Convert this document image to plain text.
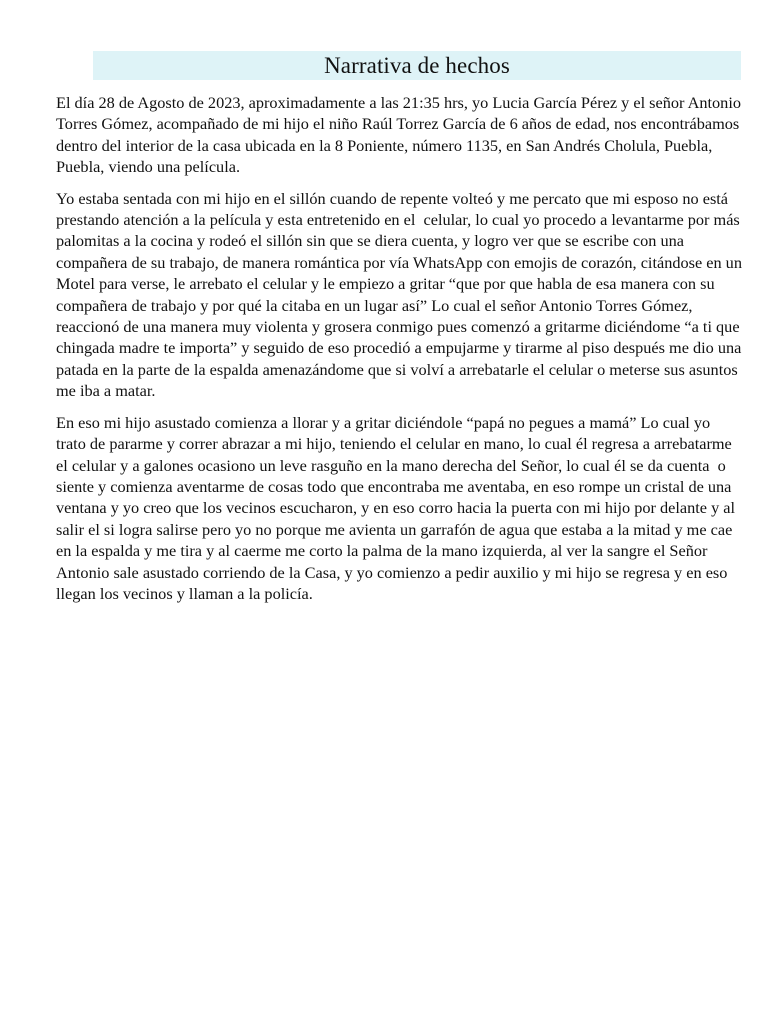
Narrativa de hechos

El día 28 de Agosto de 2023, aproximadamente a las 21:35 hrs, yo Lucia García Pérez y el señor Antonio Torres Gómez, acompañado de mi hijo el niño Raúl Torrez García de 6 años de edad, nos encontrábamos dentro del interior de la casa ubicada en la 8 Poniente, número 1135, en San Andrés Cholula, Puebla, Puebla, viendo una película.

Yo estaba sentada con mi hijo en el sillón cuando de repente volteó y me percato que mi esposo no está prestando atención a la película y esta entretenido en el  celular, lo cual yo procedo a levantarme por más palomitas a la cocina y rodeó el sillón sin que se diera cuenta, y logro ver que se escribe con una compañera de su trabajo, de manera romántica por vía WhatsApp con emojis de corazón, citándose en un Motel para verse, le arrebato el celular y le empiezo a gritar “que por que habla de esa manera con su compañera de trabajo y por qué la citaba en un lugar así” Lo cual el señor Antonio Torres Gómez, reaccionó de una manera muy violenta y grosera conmigo pues comenzó a gritarme diciéndome “a ti que chingada madre te importa” y seguido de eso procedió a empujarme y tirarme al piso después me dio una patada en la parte de la espalda amenazándome que si volví a arrebatarle el celular o meterse sus asuntos me iba a matar.

En eso mi hijo asustado comienza a llorar y a gritar diciéndole “papá no pegues a mamá” Lo cual yo trato de pararme y correr abrazar a mi hijo, teniendo el celular en mano, lo cual él regresa a arrebatarme el celular y a galones ocasiono un leve rasguño en la mano derecha del Señor, lo cual él se da cuenta  o siente y comienza aventarme de cosas todo que encontraba me aventaba, en eso rompe un cristal de una ventana y yo creo que los vecinos escucharon, y en eso corro hacia la puerta con mi hijo por delante y al salir el si logra salirse pero yo no porque me avienta un garrafón de agua que estaba a la mitad y me cae en la espalda y me tira y al caerme me corto la palma de la mano izquierda, al ver la sangre el Señor Antonio sale asustado corriendo de la Casa, y yo comienzo a pedir auxilio y mi hijo se regresa y en eso llegan los vecinos y llaman a la policía.
